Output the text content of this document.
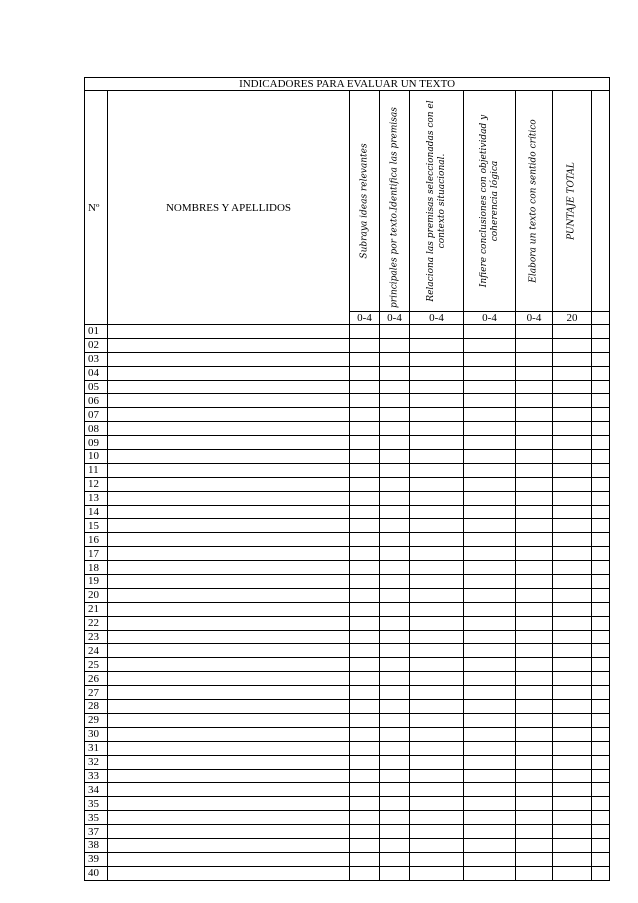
INDICADORES PARA EVALUAR UN TEXTO								
Nº	NOMBRES Y APELLIDOS	Subraya ideas relevantes	principales por texto.Identifica las premisas	Relaciona las premisas seleccionadas con el contexto situacional.	Infiere conclusiones con objetividad y coherencia lógica	Elabora un texto con sentido crítico	PUNTAJE TOTAL	

		0-4	0-4	0-4	0-4	0-4	20	
01								
02								
03								
04								
05								
06								
07								
08								
09								
10								
11								
12								
13								
14								
15								
16								
17								
18								
19								
20								
21								
22								
23								
24								
25								
26								
27								
28								
29								
30								
31								
32								
33								
34								
35								
35								
37								
38								
39								
40								
